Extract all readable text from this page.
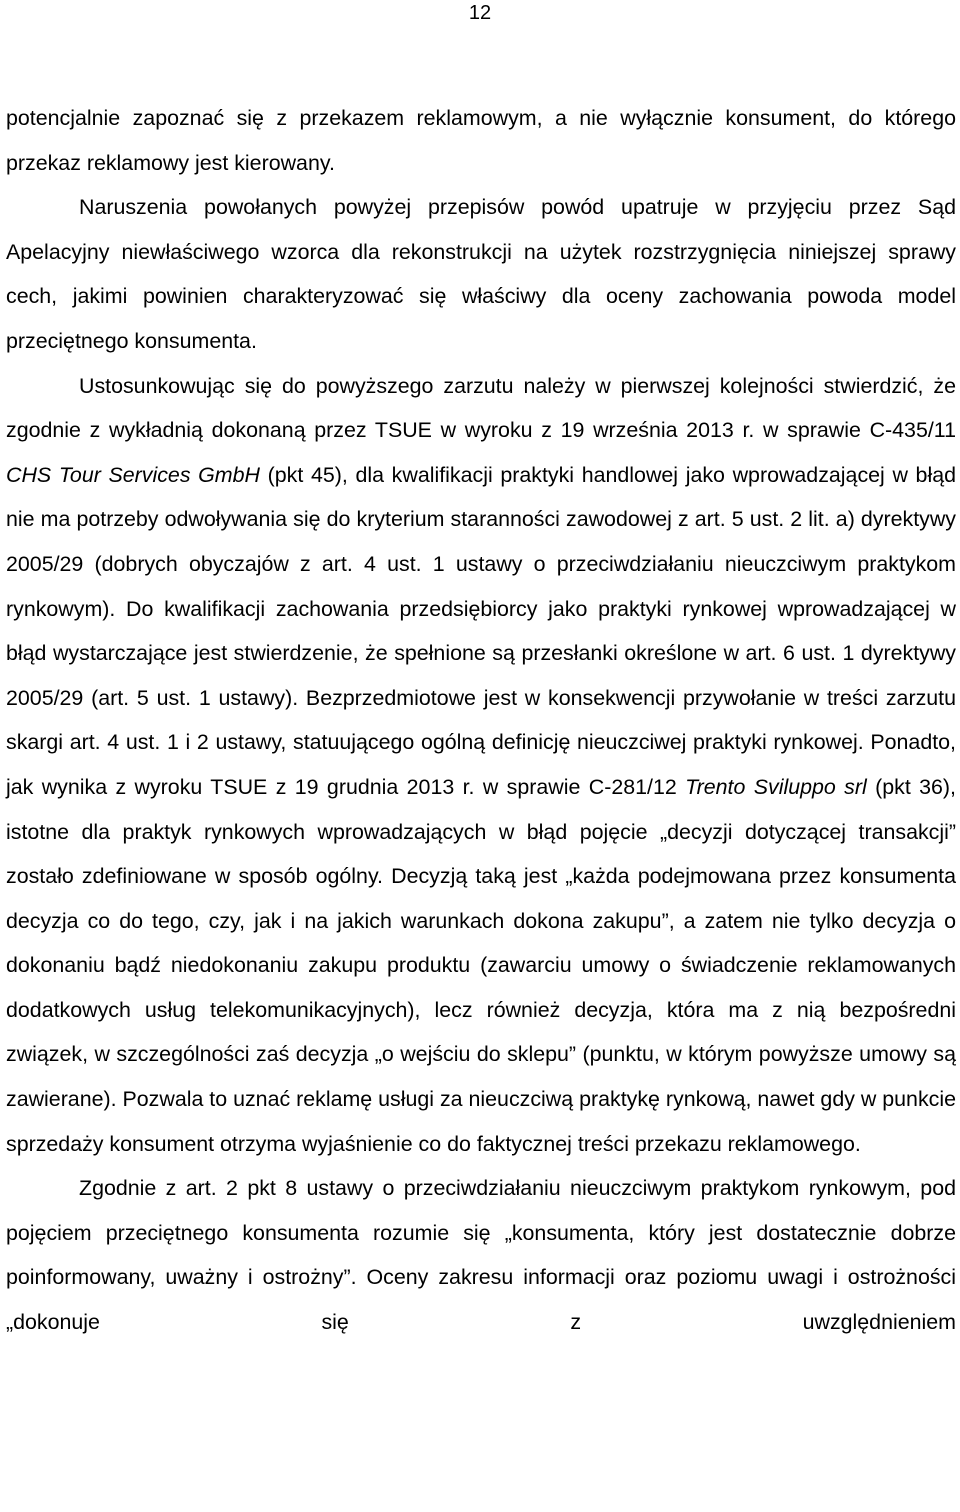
12

potencjalnie zapoznać się z przekazem reklamowym, a nie wyłącznie konsument, do którego przekaz reklamowy jest kierowany.

Naruszenia powołanych powyżej przepisów powód upatruje w przyjęciu przez Sąd Apelacyjny niewłaściwego wzorca dla rekonstrukcji na użytek rozstrzygnięcia niniejszej sprawy cech, jakimi powinien charakteryzować się właściwy dla oceny zachowania powoda model przeciętnego konsumenta.

Ustosunkowując się do powyższego zarzutu należy w pierwszej kolejności stwierdzić, że zgodnie z wykładnią dokonaną przez TSUE w wyroku z 19 września 2013 r. w sprawie C-435/11 CHS Tour Services GmbH (pkt 45), dla kwalifikacji praktyki handlowej jako wprowadzającej w błąd nie ma potrzeby odwoływania się do kryterium staranności zawodowej z art. 5 ust. 2 lit. a) dyrektywy 2005/29 (dobrych obyczajów z art. 4 ust. 1 ustawy o przeciwdziałaniu nieuczciwym praktykom rynkowym). Do kwalifikacji zachowania przedsiębiorcy jako praktyki rynkowej wprowadzającej w błąd wystarczające jest stwierdzenie, że spełnione są przesłanki określone w art. 6 ust. 1 dyrektywy 2005/29 (art. 5 ust. 1 ustawy). Bezprzedmiotowe jest w konsekwencji przywołanie w treści zarzutu skargi art. 4 ust. 1 i 2 ustawy, statuującego ogólną definicję nieuczciwej praktyki rynkowej. Ponadto, jak wynika z wyroku TSUE z 19 grudnia 2013 r. w sprawie C-281/12 Trento Sviluppo srl (pkt 36), istotne dla praktyk rynkowych wprowadzających w błąd pojęcie „decyzji dotyczącej transakcji” zostało zdefiniowane w sposób ogólny. Decyzją taką jest „każda podejmowana przez konsumenta decyzja co do tego, czy, jak i na jakich warunkach dokona zakupu”, a zatem nie tylko decyzja o dokonaniu bądź niedokonaniu zakupu produktu (zawarciu umowy o świadczenie reklamowanych dodatkowych usług telekomunikacyjnych), lecz również decyzja, która ma z nią bezpośredni związek, w szczególności zaś decyzja „o wejściu do sklepu” (punktu, w którym powyższe umowy są zawierane). Pozwala to uznać reklamę usługi za nieuczciwą praktykę rynkową, nawet gdy w punkcie sprzedaży konsument otrzyma wyjaśnienie co do faktycznej treści przekazu reklamowego.

Zgodnie z art. 2 pkt 8 ustawy o przeciwdziałaniu nieuczciwym praktykom rynkowym, pod pojęciem przeciętnego konsumenta rozumie się „konsumenta, który jest dostatecznie dobrze poinformowany, uważny i ostrożny”. Oceny zakresu informacji oraz poziomu uwagi i ostrożności „dokonuje się z uwzględnieniem
